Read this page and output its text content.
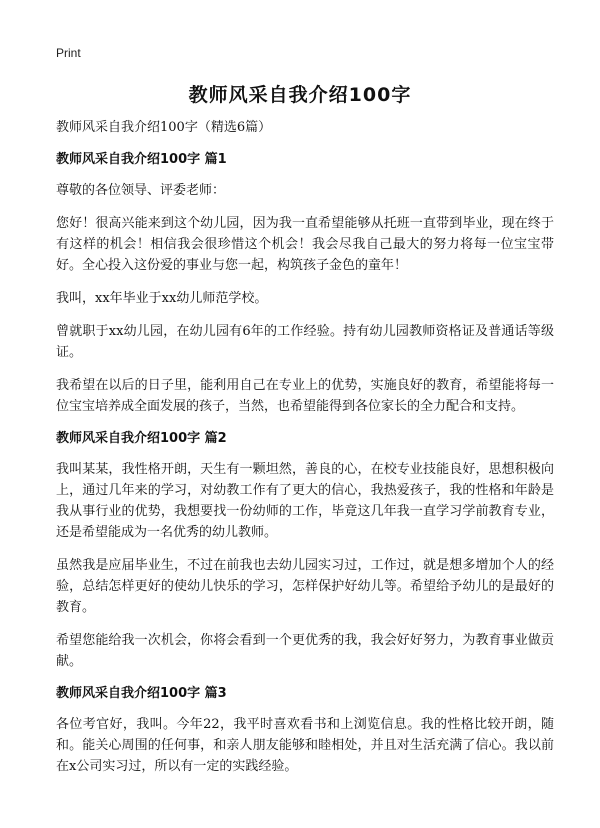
Print
教师风采自我介绍100字

教师风采自我介绍100字（精选6篇）

教师风采自我介绍100字 篇1

尊敬的各位领导、评委老师：

您好！很高兴能来到这个幼儿园，因为我一直希望能够从托班一直带到毕业，现在终于有这样的机会！相信我会很珍惜这个机会！我会尽我自己最大的努力将每一位宝宝带好。全心投入这份爱的事业与您一起，构筑孩子金色的童年！

我叫，xx年毕业于xx幼儿师范学校。

曾就职于xx幼儿园，在幼儿园有6年的工作经验。持有幼儿园教师资格证及普通话等级证。

我希望在以后的日子里，能利用自己在专业上的优势，实施良好的教育，希望能将每一位宝宝培养成全面发展的孩子，当然，也希望能得到各位家长的全力配合和支持。

教师风采自我介绍100字 篇2

我叫某某，我性格开朗，天生有一颗坦然，善良的心，在校专业技能良好，思想积极向上，通过几年来的学习，对幼教工作有了更大的信心，我热爱孩子，我的性格和年龄是我从事行业的优势，我想要找一份幼师的工作，毕竟这几年我一直学习学前教育专业，还是希望能成为一名优秀的幼儿教师。

虽然我是应届毕业生，不过在前我也去幼儿园实习过，工作过，就是想多增加个人的经验，总结怎样更好的使幼儿快乐的学习，怎样保护好幼儿等。希望给予幼儿的是最好的教育。

希望您能给我一次机会，你将会看到一个更优秀的我，我会好好努力，为教育事业做贡献。

教师风采自我介绍100字 篇3

各位考官好，我叫。今年22，我平时喜欢看书和上浏览信息。我的性格比较开朗，随和。能关心周围的任何事，和亲人朋友能够和睦相处，并且对生活充满了信心。我以前在x公司实习过，所以有一定的实践经验。
